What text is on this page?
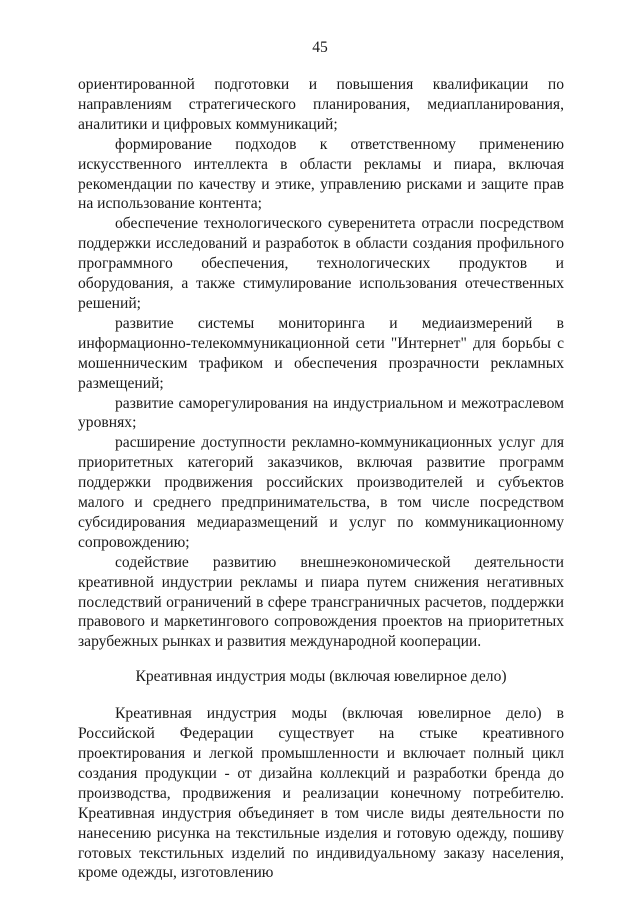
45

ориентированной подготовки и повышения квалификации по направлениям стратегического планирования, медиапланирования, аналитики и цифровых коммуникаций;

формирование подходов к ответственному применению искусственного интеллекта в области рекламы и пиара, включая рекомендации по качеству и этике, управлению рисками и защите прав на использование контента;

обеспечение технологического суверенитета отрасли посредством поддержки исследований и разработок в области создания профильного программного обеспечения, технологических продуктов и оборудования, а также стимулирование использования отечественных решений;

развитие системы мониторинга и медиаизмерений в информационно-телекоммуникационной сети "Интернет" для борьбы с мошенническим трафиком и обеспечения прозрачности рекламных размещений;

развитие саморегулирования на индустриальном и межотраслевом уровнях;

расширение доступности рекламно-коммуникационных услуг для приоритетных категорий заказчиков, включая развитие программ поддержки продвижения российских производителей и субъектов малого и среднего предпринимательства, в том числе посредством субсидирования медиаразмещений и услуг по коммуникационному сопровождению;

содействие развитию внешнеэкономической деятельности креативной индустрии рекламы и пиара путем снижения негативных последствий ограничений в сфере трансграничных расчетов, поддержки правового и маркетингового сопровождения проектов на приоритетных зарубежных рынках и развития международной кооперации.

Креативная индустрия моды (включая ювелирное дело)

Креативная индустрия моды (включая ювелирное дело) в Российской Федерации существует на стыке креативного проектирования и легкой промышленности и включает полный цикл создания продукции - от дизайна коллекций и разработки бренда до производства, продвижения и реализации конечному потребителю. Креативная индустрия объединяет в том числе виды деятельности по нанесению рисунка на текстильные изделия и готовую одежду, пошиву готовых текстильных изделий по индивидуальному заказу населения, кроме одежды, изготовлению
